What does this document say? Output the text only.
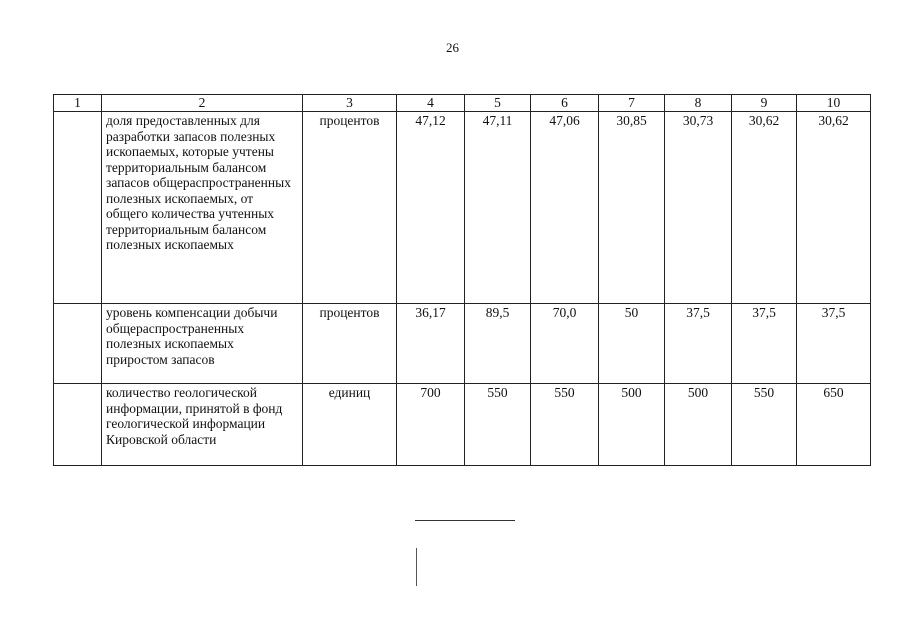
26
1	2	3	4	5	6	7	8	9	10
	доля предоставленных для разработки запасов полезных ископаемых, которые учтены территориальным балансом запасов общераспространенных полезных ископаемых, от общего количества учтенных территориальным балансом полезных ископаемых	процентов	47,12	47,11	47,06	30,85	30,73	30,62	30,62
	уровень компенсации добычи общераспространенных полезных ископаемых приростом запасов	процентов	36,17	89,5	70,0	50	37,5	37,5	37,5
	количество геологической информации, принятой в фонд геологической информации Кировской области	единиц	700	550	550	500	500	550	650
